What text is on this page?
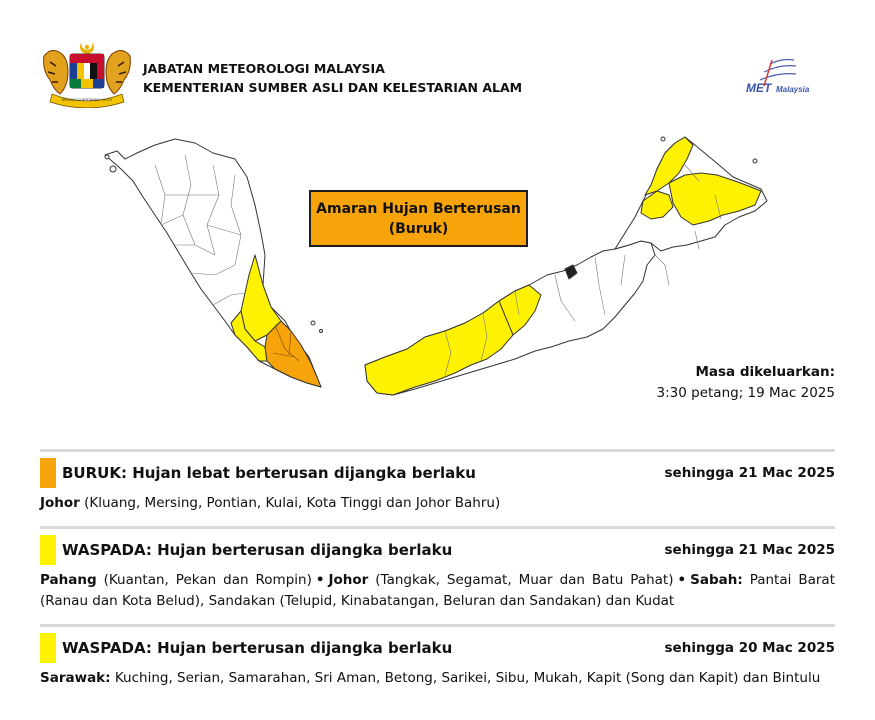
BERSEKUTU BERTAMBAH MUTU
JABATAN METEOROLOGI MALAYSIA
KEMENTERIAN SUMBER ASLI DAN KELESTARIAN ALAM	MET Malaysia
Amaran Hujan Berterusan
(Buruk)
Masa dikeluarkan:
3:30 petang; 19 Mac 2025
BURUK: Hujan lebat berterusan dijangka berlaku	sehingga 21 Mac 2025
Johor (Kluang, Mersing, Pontian, Kulai, Kota Tinggi dan Johor Bahru)
WASPADA: Hujan berterusan dijangka berlaku	sehingga 21 Mac 2025
Pahang (Kuantan, Pekan dan Rompin) • Johor (Tangkak, Segamat, Muar dan Batu Pahat) • Sabah: Pantai Barat (Ranau dan Kota Belud), Sandakan (Telupid, Kinabatangan, Beluran dan Sandakan) dan Kudat
WASPADA: Hujan berterusan dijangka berlaku	sehingga 20 Mac 2025
Sarawak: Kuching, Serian, Samarahan, Sri Aman, Betong, Sarikei, Sibu, Mukah, Kapit (Song dan Kapit) dan Bintulu
